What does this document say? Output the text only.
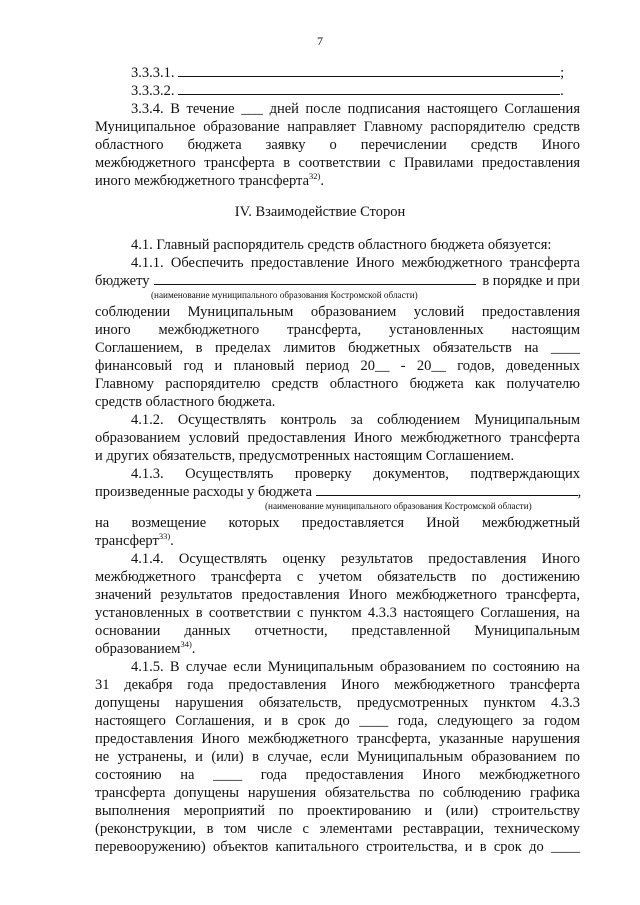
7
3.3.3.1.	;
3.3.3.2.	.
3.3.4. В течение ___ дней после подписания настоящего Соглашения
Муниципальное образование направляет Главному распорядителю средств
областного бюджета заявку о перечислении средств Иного
межбюджетного трансферта в соответствии с Правилами предоставления
иного межбюджетного трансферта$^{32)}$.
IV. Взаимодействие Сторон
4.1. Главный распорядитель средств областного бюджета обязуется:
4.1.1. Обеспечить предоставление Иного межбюджетного трансферта
бюджету	в порядке и при
(наименование муниципального образования Костромской области)
соблюдении Муниципальным образованием условий предоставления
иного межбюджетного трансферта, установленных настоящим
Соглашением, в пределах лимитов бюджетных обязательств на ____
финансовый год и плановый период 20__ - 20__ годов, доведенных
Главному распорядителю средств областного бюджета как получателю
средств областного бюджета.
4.1.2. Осуществлять контроль за соблюдением Муниципальным
образованием условий предоставления Иного межбюджетного трансферта
и других обязательств, предусмотренных настоящим Соглашением.
4.1.3. Осуществлять проверку документов, подтверждающих
произведенные расходы у бюджета	,
(наименование муниципального образования Костромской области)
на возмещение которых предоставляется Иной межбюджетный
трансферт$^{33)}$.
4.1.4. Осуществлять оценку результатов предоставления Иного
межбюджетного трансферта с учетом обязательств по достижению
значений результатов предоставления Иного межбюджетного трансферта,
установленных в соответствии с пунктом 4.3.3 настоящего Соглашения, на
основании данных отчетности, представленной Муниципальным
образованием$^{34)}$.
4.1.5. В случае если Муниципальным образованием по состоянию на
31 декабря года предоставления Иного межбюджетного трансферта
допущены нарушения обязательств, предусмотренных пунктом 4.3.3
настоящего Соглашения, и в срок до ____ года, следующего за годом
предоставления Иного межбюджетного трансферта, указанные нарушения
не устранены, и (или) в случае, если Муниципальным образованием по
состоянию на ____ года предоставления Иного межбюджетного
трансферта допущены нарушения обязательства по соблюдению графика
выполнения мероприятий по проектированию и (или) строительству
(реконструкции, в том числе с элементами реставрации, техническому
перевооружению) объектов капитального строительства, и в срок до ____
